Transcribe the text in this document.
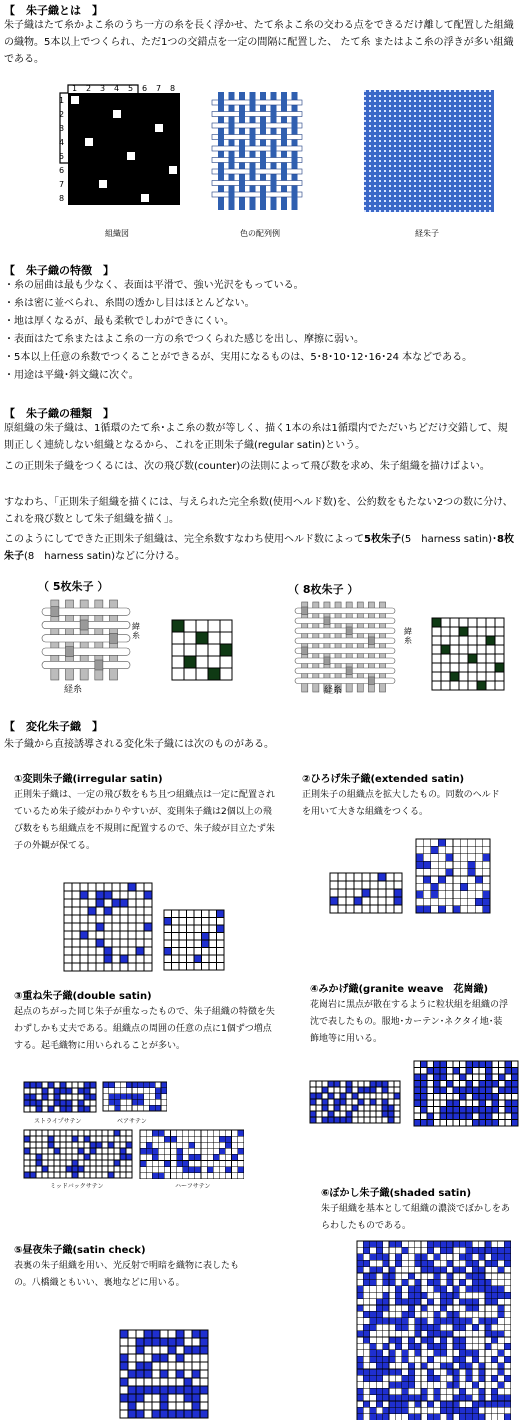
【　朱子織とは　】

朱子織はたて糸かよこ糸のうち一方の糸を長く浮かせ、たて糸よこ糸の交わる点をできるだけ離して配置した組織の織物。5本以上でつくられ、ただ1つの交錯点を一定の間隔に配置した、 たて糸 またはよこ糸の浮きが多い組織である。

1 2 3 4 5 6 7 8
1
2
3
4
5
6
7
8
組織図	色の配列例	経朱子
【　朱子織の特徴　】
・ 糸の屈曲は最も少なく、表面は平滑で、強い光沢をもっている。
・ 糸は密に並べられ、糸間の透かし目はほとんどない。
・ 地は厚くなるが、最も柔軟でしわができにくい。
・ 表面はたて糸またはよこ糸の一方の糸でつくられた感じを出し、摩擦に弱い。
・ 5本以上任意の糸数でつくることができるが、実用になるものは、5･8･10･12･16･24 本などである。
・ 用途は平織･斜文織に次ぐ。
【　朱子織の種類　】

原組織の朱子織は、1循環のたて糸･よこ糸の数が等しく、描く1本の糸は1循環内でただいちどだけ交錯して、規則正しく連続しない組織となるから、これを正則朱子織(regular satin)という。

この正則朱子織をつくるには、次の飛び数(counter)の法則によって飛び数を求め、朱子組織を描けばよい。

すなわち、｢正則朱子組織を描くには、与えられた完全糸数(使用ヘルド数)を、公約数をもたない2つの数に分け、これを飛び数として朱子組織を描く｣。

このようにしてできた正則朱子組織は、完全糸数すなわち使用ヘルド数によって5枚朱子(5　harness satin)･8枚朱子(8　harness satin)などに分ける。

（ 5枚朱子 ）	（ 8枚朱子 ）
緯糸
経糸
緯糸
経糸
【　変化朱子織　】
朱子織から直接誘導される変化朱子織には次のものがある。
①変則朱子織(irregular satin)

正則朱子織は、一定の飛び数をもち且つ組織点は一定に配置されているため朱子綾がわかりやすいが、変則朱子織は2個以上の飛び数をもち組織点を不規則に配置するので、朱子綾が目立たず朱子の外観が保てる。

②ひろげ朱子織(extended satin)

正則朱子の組織点を拡大したもの。同数のヘルドを用いて大きな組織をつくる。

③重ね朱子織(double satin)

起点のちがった同じ朱子が重なったもので、朱子組織の特徴を失わずしかも丈夫である。組織点の周囲の任意の点に1個ずつ増点する。起毛織物に用いられることが多い。

ストライプサテン	ベアサテン
ミッドバックサテン	ハーフサテン
④みかげ織(granite weave　花崗織)

花崗岩に黒点が散在するように粒状組を組織の浮沈で表したもの。服地･カーテン･ネクタイ地･装飾地等に用いる。

⑥ぼかし朱子織(shaded satin)

朱子組織を基本として組織の濃淡でぼかしをあらわしたものである。

⑤昼夜朱子織(satin check)

表裏の朱子組織を用い、光反射で明暗を織物に表したもの。八橋織ともいい、裏地などに用いる。
